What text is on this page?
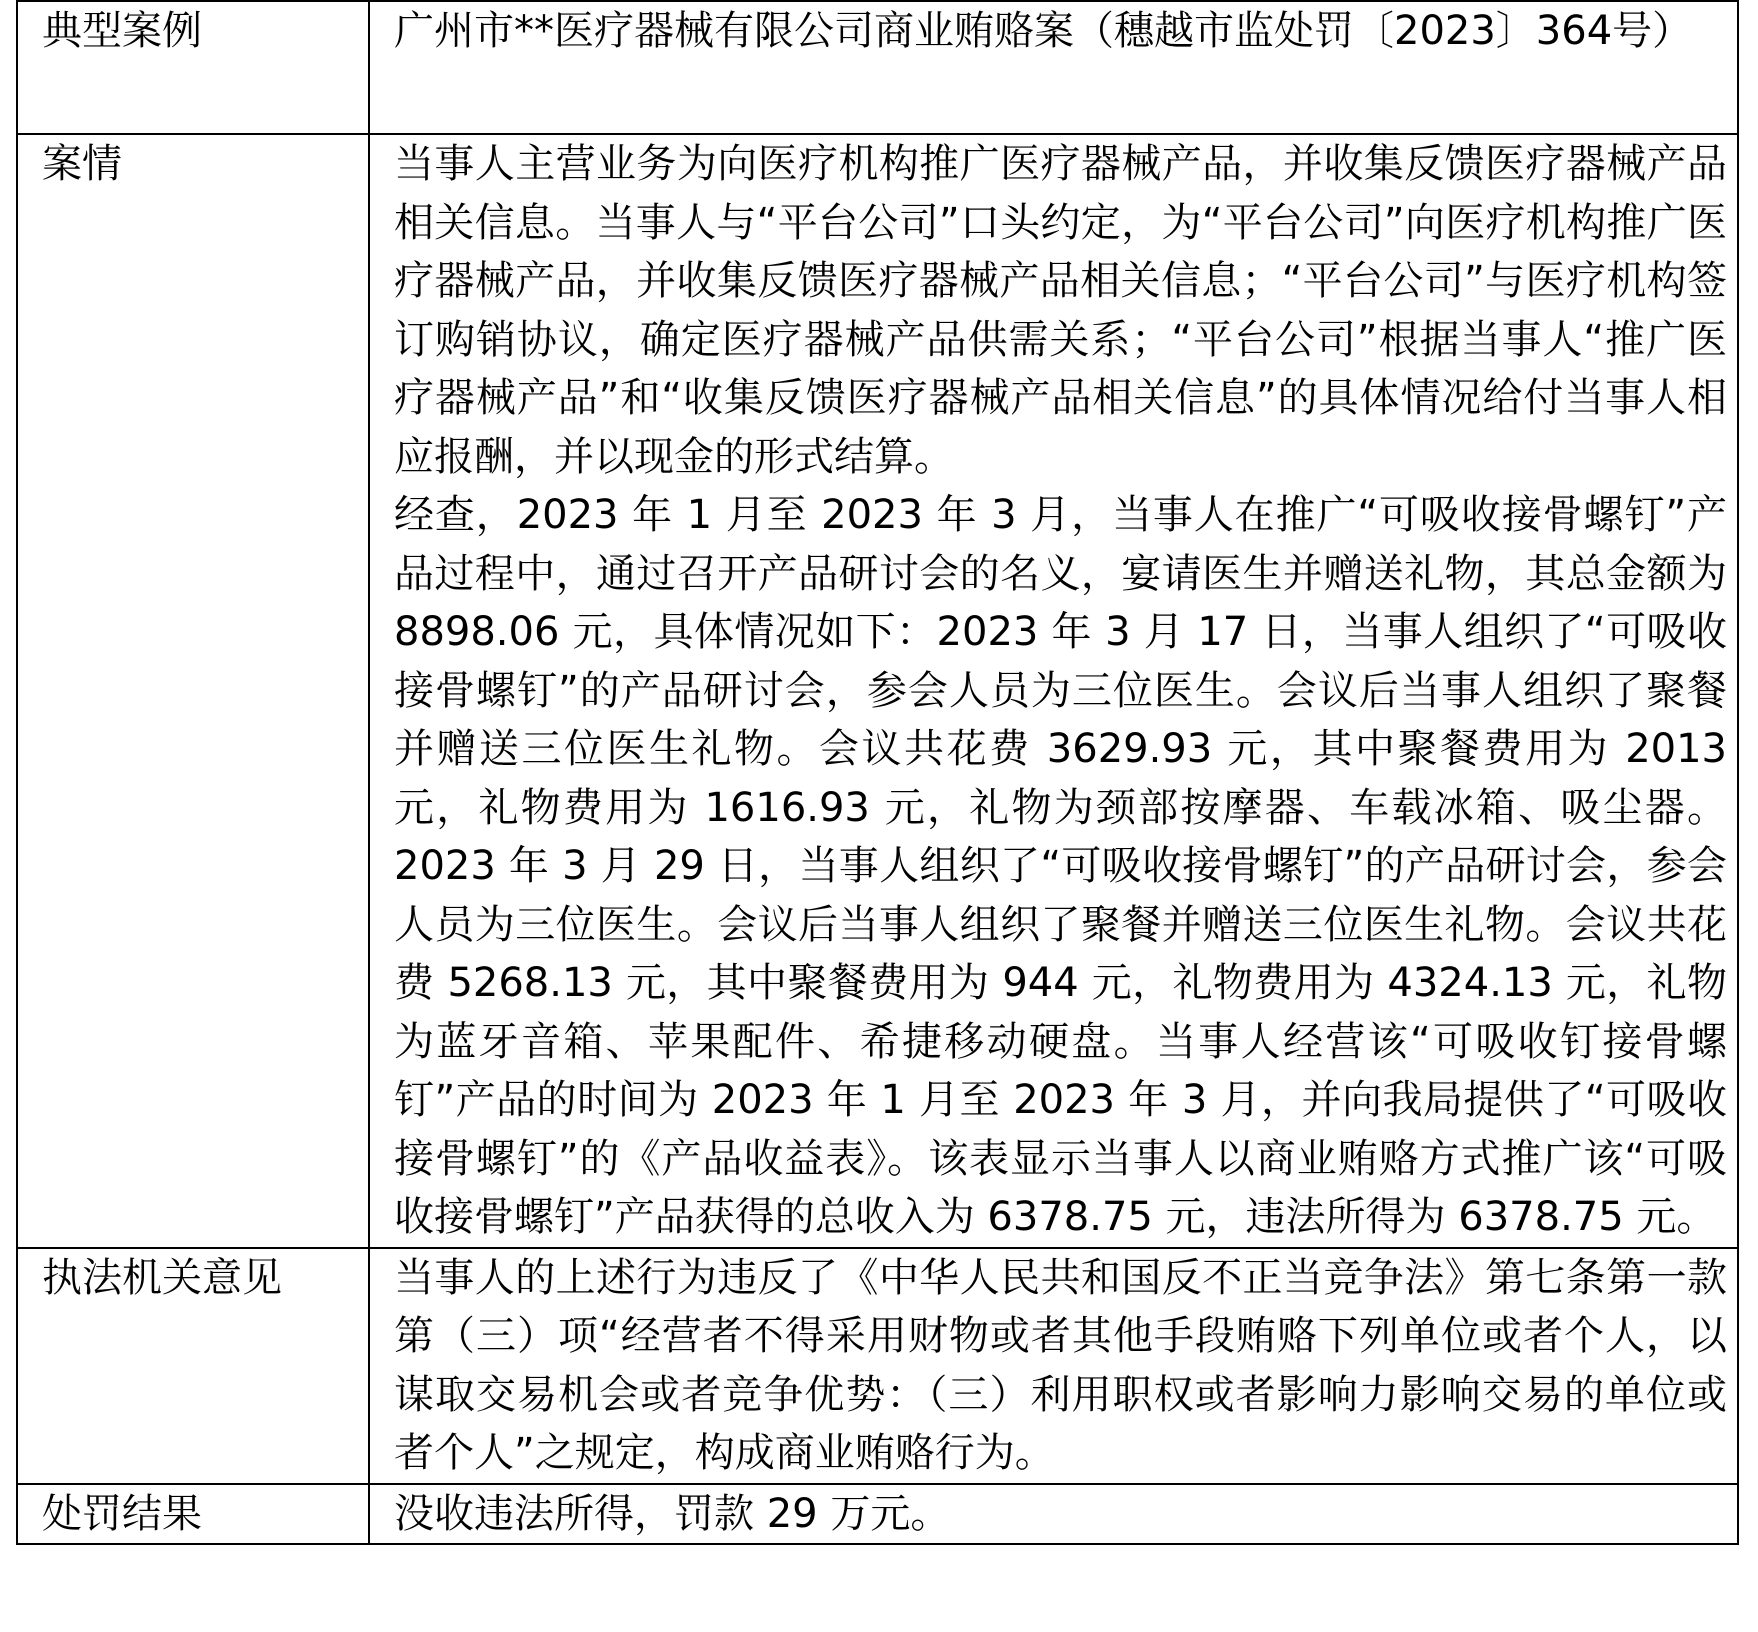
典型案例	广州市**医疗器械有限公司商业贿赂案（穗越市监处罚〔2023〕364号）

案情	当事人主营业务为向医疗机构推广医疗器械产品，并收集反馈医疗器械产品相关信息。当事人与“平台公司”口头约定，为“平台公司”向医疗机构推广医疗器械产品，并收集反馈医疗器械产品相关信息；“平台公司”与医疗机构签订购销协议，确定医疗器械产品供需关系；“平台公司”根据当事人“推广医疗器械产品”和“收集反馈医疗器械产品相关信息”的具体情况给付当事人相应报酬，并以现金的形式结算。
经查，2023 年 1 月至 2023 年 3 月，当事人在推广“可吸收接骨螺钉”产品过程中，通过召开产品研讨会的名义，宴请医生并赠送礼物，其总金额为 8898.06 元，具体情况如下：2023 年 3 月 17 日，当事人组织了“可吸收接骨螺钉”的产品研讨会，参会人员为三位医生。会议后当事人组织了聚餐并赠送三位医生礼物。会议共花费 3629.93 元，其中聚餐费用为 2013 元，礼物费用为 1616.93 元，礼物为颈部按摩器、车载冰箱、吸尘器。2023 年 3 月 29 日，当事人组织了“可吸收接骨螺钉”的产品研讨会，参会人员为三位医生。会议后当事人组织了聚餐并赠送三位医生礼物。会议共花费 5268.13 元，其中聚餐费用为 944 元，礼物费用为 4324.13 元，礼物为蓝牙音箱、苹果配件、希捷移动硬盘。当事人经营该“可吸收钉接骨螺钉”产品的时间为 2023 年 1 月至 2023 年 3 月，并向我局提供了“可吸收接骨螺钉”的《产品收益表》。该表显示当事人以商业贿赂方式推广该“可吸收接骨螺钉”产品获得的总收入为 6378.75 元，违法所得为 6378.75 元。

执法机关意见	当事人的上述行为违反了《中华人民共和国反不正当竞争法》第七条第一款第（三）项“经营者不得采用财物或者其他手段贿赂下列单位或者个人，以谋取交易机会或者竞争优势：（三）利用职权或者影响力影响交易的单位或者个人”之规定，构成商业贿赂行为。

处罚结果	没收违法所得，罚款 29 万元。
